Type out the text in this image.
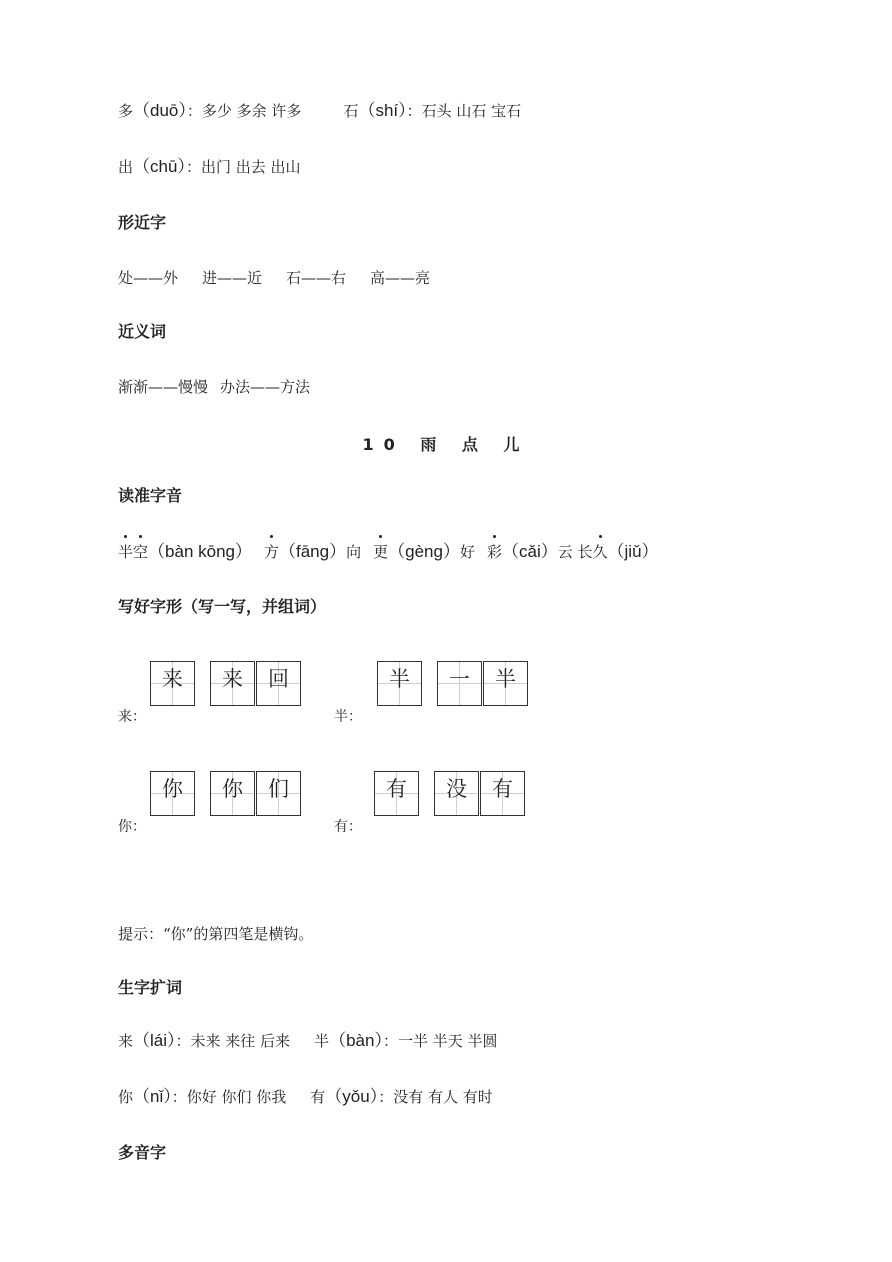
多（duō）：多少 多余 许多	石（shí）：石头 山石 宝石
出（chū）：出门 出去 出山
形近字
处——外 进——近 石——右 高——亮
近义词
渐渐——慢慢 办法——方法
10 雨 点 儿
读准字音
半空（bàn kōng） 方（fāng）向 更（gèng）好 彩（cǎi）云 长久（jiǔ）
写好字形（写一写，并组词）
来：
来	来	回
半：
半	一	半
你：
你	你	们
有：
有	没	有
提示：“你”的第四笔是横钩。
生字扩词
来（lái）：未来 来往 后来 半（bàn）：一半 半天 半圆
你（nǐ）：你好 你们 你我 有（yǒu）：没有 有人 有时
多音字
